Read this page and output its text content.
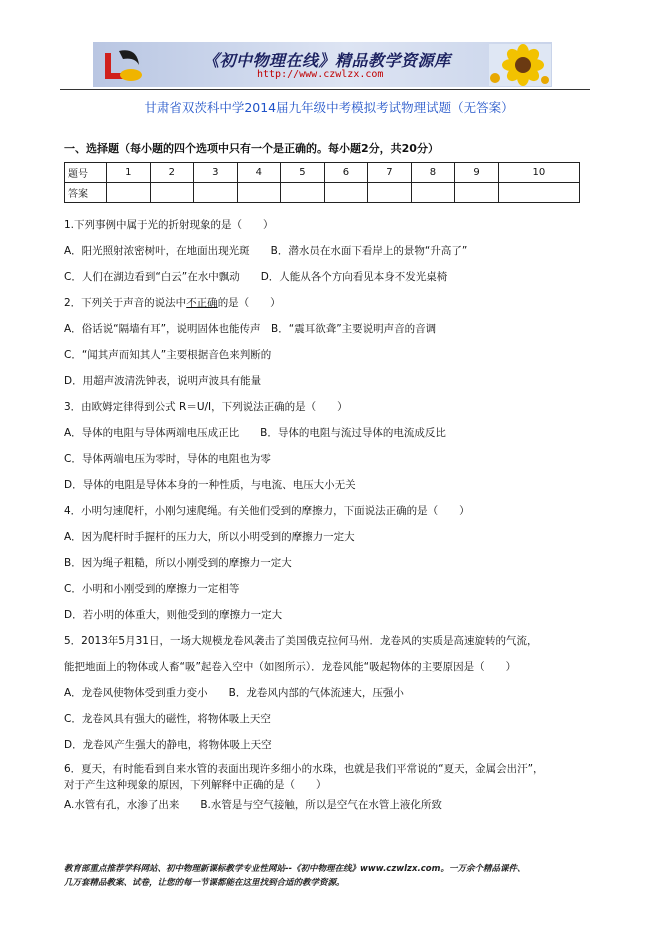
《初中物理在线》精品教学资源库
http://www.czwlzx.com
甘肃省双茨科中学2014届九年级中考模拟考试物理试题（无答案）
一、选择题（每小题的四个选项中只有一个是正确的。每小题2分，共20分）
题号	1	2	3	4	5	6	7	8	9	10
答案										
1.下列事例中属于光的折射现象的是（　　）
A．阳光照射浓密树叶，在地面出现光斑　　B．潜水员在水面下看岸上的景物“升高了”
C．人们在湖边看到“白云”在水中飘动　　D．人能从各个方向看见本身不发光桌椅
2．下列关于声音的说法中不正确的是（　　）
A．俗话说“隔墙有耳”，说明固体也能传声　B．“震耳欲聋”主要说明声音的音调
C．“闻其声而知其人”主要根据音色来判断的
D．用超声波清洗钟表，说明声波具有能量
3．由欧姆定律得到公式 R＝U/I，下列说法正确的是（　　）
A．导体的电阻与导体两端电压成正比　　B．导体的电阻与流过导体的电流成反比
C．导体两端电压为零时，导体的电阻也为零
D．导体的电阻是导体本身的一种性质，与电流、电压大小无关
4．小明匀速爬杆，小刚匀速爬绳。有关他们受到的摩擦力，下面说法正确的是（　　）
A．因为爬杆时手握杆的压力大，所以小明受到的摩擦力一定大
B．因为绳子粗糙，所以小刚受到的摩擦力一定大
C．小明和小刚受到的摩擦力一定相等
D．若小明的体重大，则他受到的摩擦力一定大
5．2013年5月31日，一场大规模龙卷风袭击了美国俄克拉何马州．龙卷风的实质是高速旋转的气流，
能把地面上的物体或人畜“吸”起卷入空中（如图所示）．龙卷风能“吸起物体的主要原因是（　　）
A．龙卷风使物体受到重力变小　　B．龙卷风内部的气体流速大，压强小
C．龙卷风具有强大的磁性，将物体吸上天空
D．龙卷风产生强大的静电，将物体吸上天空
6．夏天，有时能看到自来水管的表面出现许多细小的水珠，也就是我们平常说的“夏天，金属会出汗”，
对于产生这种现象的原因，下列解释中正确的是（　　）
A.水管有孔，水渗了出来　　B.水管是与空气接触，所以是空气在水管上液化所致
教育部重点推荐学科网站、初中物理新课标教学专业性网站--《初中物理在线》www.czwlzx.com。一万余个精品课件、
几万套精品教案、试卷，让您的每一节课都能在这里找到合适的教学资源。
